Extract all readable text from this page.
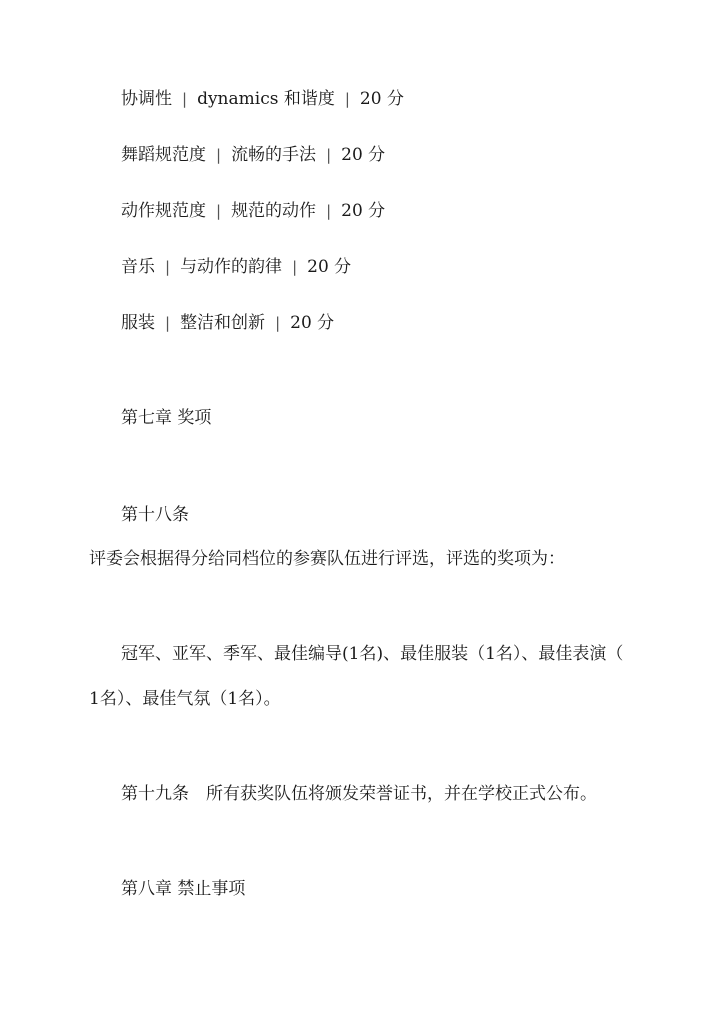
协调性 | dynamics 和谐度 | 20 分
舞蹈规范度 | 流畅的手法 | 20 分
动作规范度 | 规范的动作 | 20 分
音乐 | 与动作的韵律 | 20 分
服装 | 整洁和创新 | 20 分
第七章 奖项
第十八条
评委会根据得分给同档位的参赛队伍进行评选，评选的奖项为：
冠军、亚军、季军、最佳编导(1名)、最佳服装（1名）、最佳表演（
1名）、最佳气氛（1名）。
第十九条　所有获奖队伍将颁发荣誉证书，并在学校正式公布。
第八章 禁止事项
